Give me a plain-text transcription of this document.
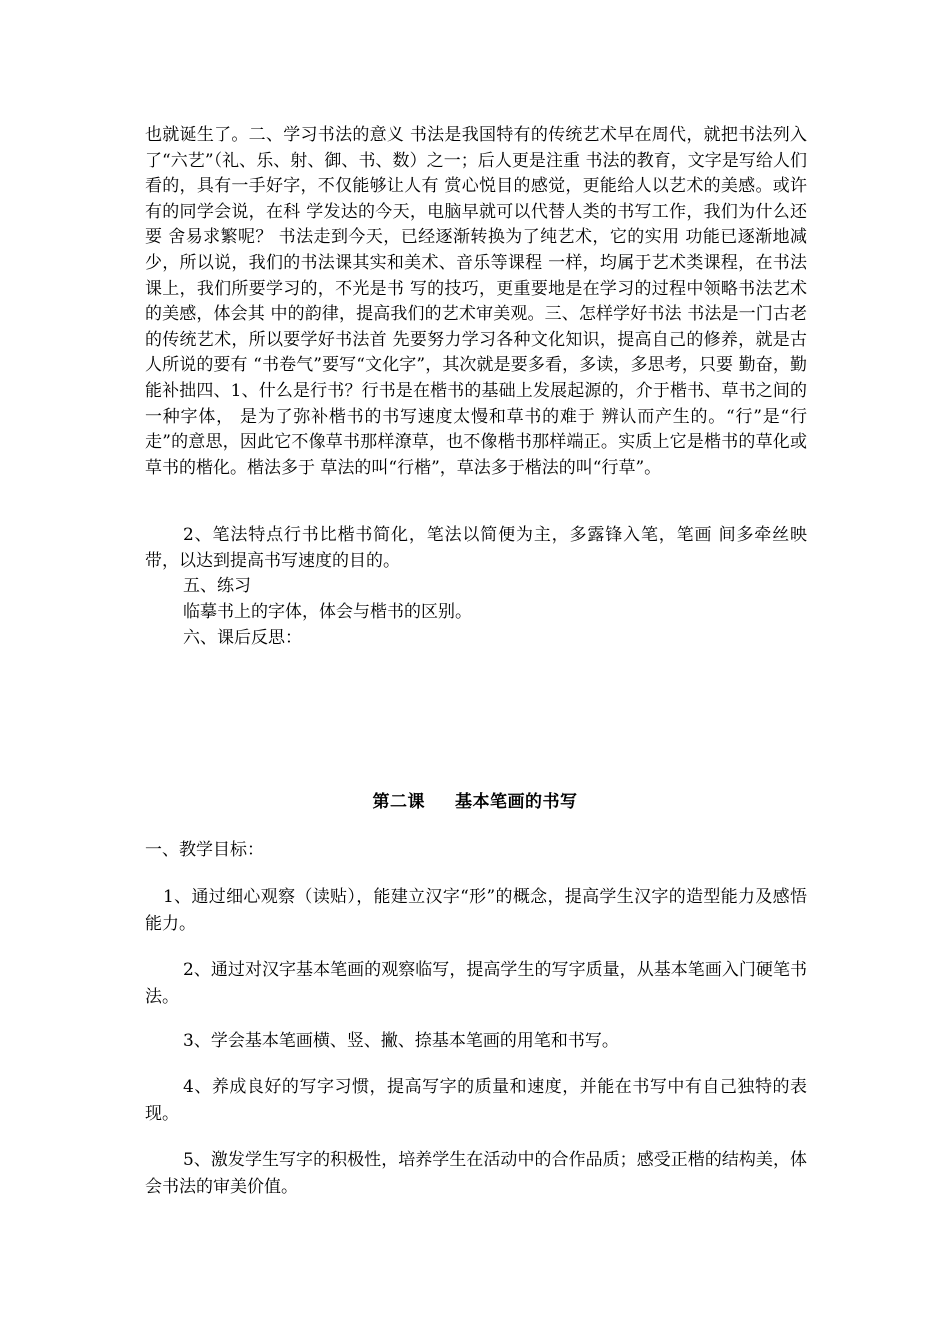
也就诞生了。二、学习书法的意义 书法是我国特有的传统艺术早在周代，就把书法列入了“六艺”（礼、乐、射、御、书、数）之一；后人更是注重 书法的教育，文字是写给人们看的，具有一手好字，不仅能够让人有 赏心悦目的感觉，更能给人以艺术的美感。或许有的同学会说，在科 学发达的今天，电脑早就可以代替人类的书写工作，我们为什么还要 舍易求繁呢？ 书法走到今天，已经逐渐转换为了纯艺术，它的实用 功能已逐渐地减少，所以说，我们的书法课其实和美术、音乐等课程 一样，均属于艺术类课程，在书法课上，我们所要学习的，不光是书 写的技巧，更重要地是在学习的过程中领略书法艺术的美感，体会其 中的韵律，提高我们的艺术审美观。三、怎样学好书法 书法是一门古老的传统艺术，所以要学好书法首 先要努力学习各种文化知识，提高自己的修养，就是古人所说的要有 “书卷气”要写“文化字”，其次就是要多看，多读，多思考，只要 勤奋，勤能补拙四、1、什么是行书？行书是在楷书的基础上发展起源的，介于楷书、草书之间的一种字体， 是为了弥补楷书的书写速度太慢和草书的难于 辨认而产生的。“行”是“行走”的意思，因此它不像草书那样潦草，也不像楷书那样端正。实质上它是楷书的草化或草书的楷化。楷法多于 草法的叫“行楷”，草法多于楷法的叫“行草”。
2、笔法特点行书比楷书简化，笔法以简便为主，多露锋入笔，笔画 间多牵丝映带，以达到提高书写速度的目的。
五、练习
临摹书上的字体，体会与楷书的区别。
六、课后反思：
第二课 基本笔画的书写
一、教学目标：
1、通过细心观察（读贴），能建立汉字“形”的概念，提高学生汉字的造型能力及感悟能力。
2、通过对汉字基本笔画的观察临写，提高学生的写字质量，从基本笔画入门硬笔书法。
3、学会基本笔画横、竖、撇、捺基本笔画的用笔和书写。
4、养成良好的写字习惯，提高写字的质量和速度，并能在书写中有自己独特的表现。
5、激发学生写字的积极性，培养学生在活动中的合作品质；感受正楷的结构美，体会书法的审美价值。
